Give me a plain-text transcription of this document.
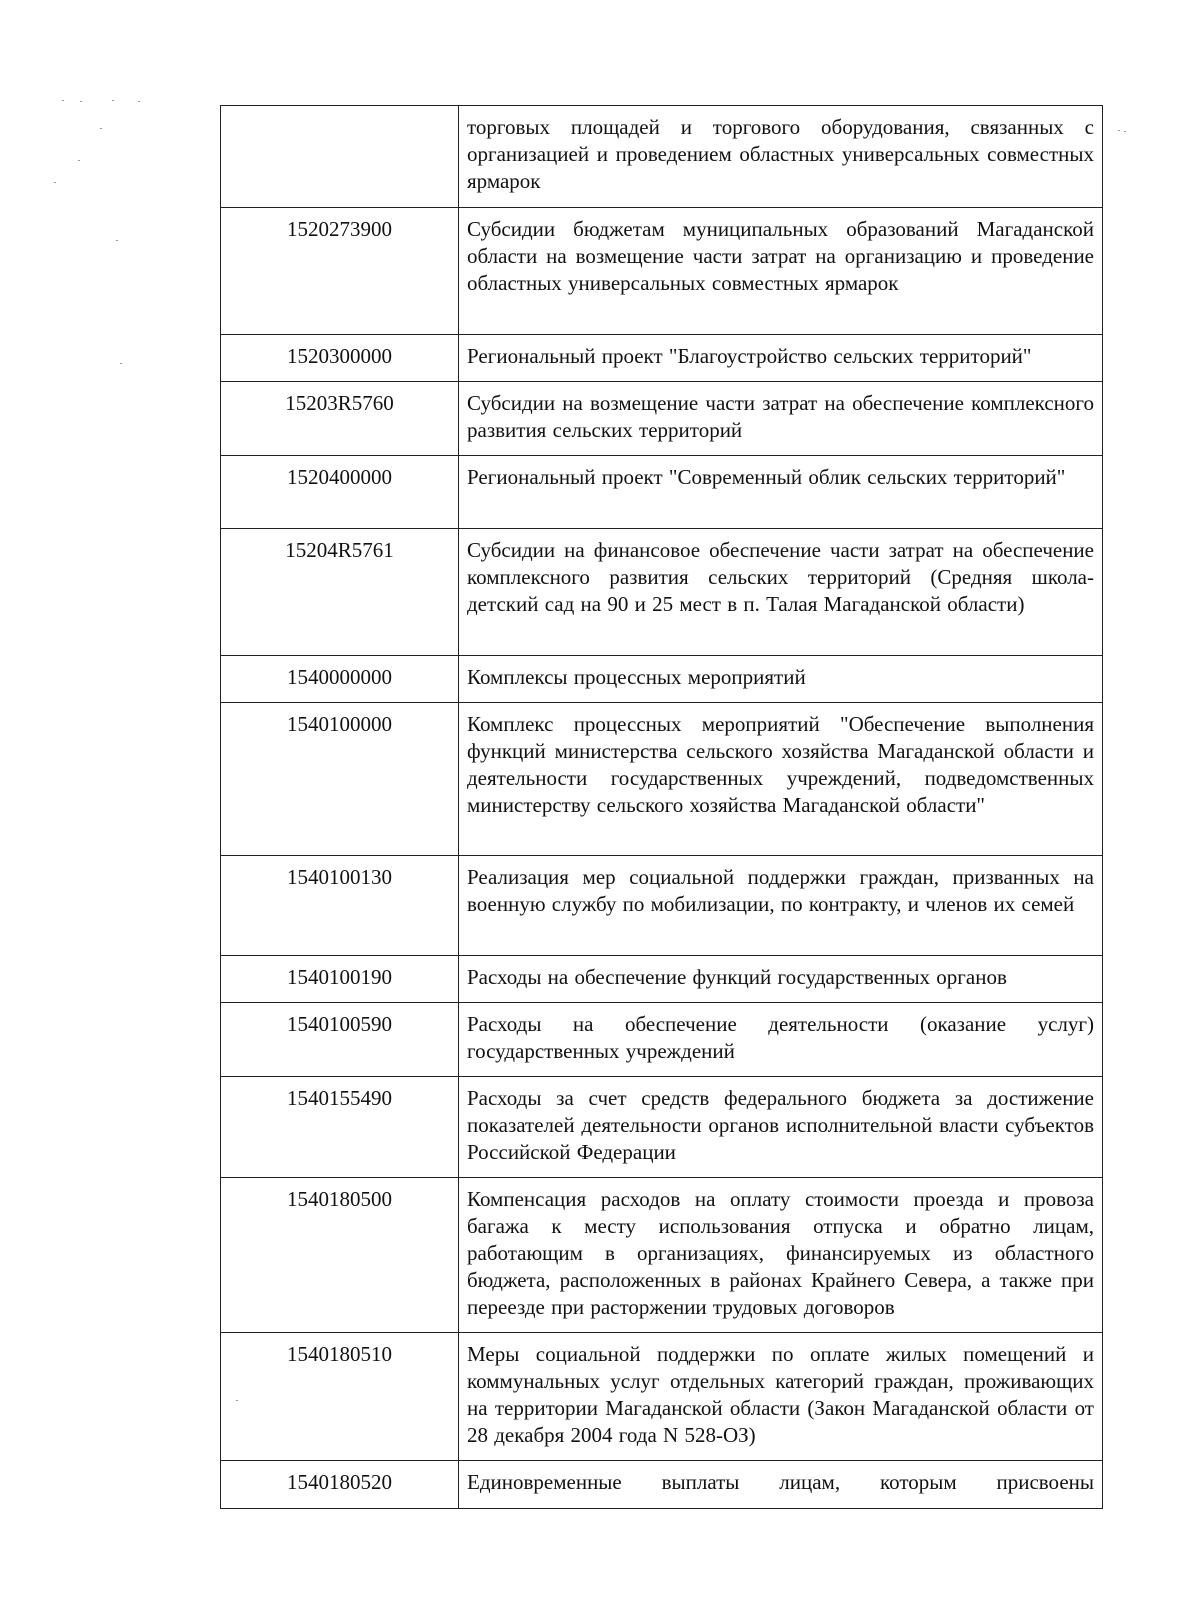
	торговых площадей и торгового оборудования, связанных с организацией и проведением областных универсальных совместных ярмарок
1520273900	Субсидии бюджетам муниципальных образований Магаданской области на возмещение части затрат на организацию и проведение областных универсальных совместных ярмарок
1520300000	Региональный проект "Благоустройство сельских территорий"
15203R5760	Субсидии на возмещение части затрат на обеспечение комплексного развития сельских территорий
1520400000	Региональный проект "Современный облик сельских территорий"
15204R5761	Субсидии на финансовое обеспечение части затрат на обеспечение комплексного развития сельских территорий (Средняя школа-детский сад на 90 и 25 мест в п. Талая Магаданской области)
1540000000	Комплексы процессных мероприятий
1540100000	Комплекс процессных мероприятий "Обеспечение выполнения функций министерства сельского хозяйства Магаданской области и деятельности государственных учреждений, подведомственных министерству сельского хозяйства Магаданской области"
1540100130	Реализация мер социальной поддержки граждан, призванных на военную службу по мобилизации, по контракту, и членов их семей
1540100190	Расходы на обеспечение функций государственных органов
1540100590	Расходы на обеспечение деятельности (оказание услуг) государственных учреждений
1540155490	Расходы за счет средств федерального бюджета за достижение показателей деятельности органов исполнительной власти субъектов Российской Федерации
1540180500	Компенсация расходов на оплату стоимости проезда и провоза багажа к месту использования отпуска и обратно лицам, работающим в организациях, финансируемых из областного бюджета, расположенных в районах Крайнего Севера, а также при переезде при расторжении трудовых договоров
1540180510	Меры социальной поддержки по оплате жилых помещений и коммунальных услуг отдельных категорий граждан, проживающих на территории Магаданской области (Закон Магаданской области от 28 декабря 2004 года N 528-ОЗ)
1540180520	Единовременные выплаты лицам, которым присвоены
